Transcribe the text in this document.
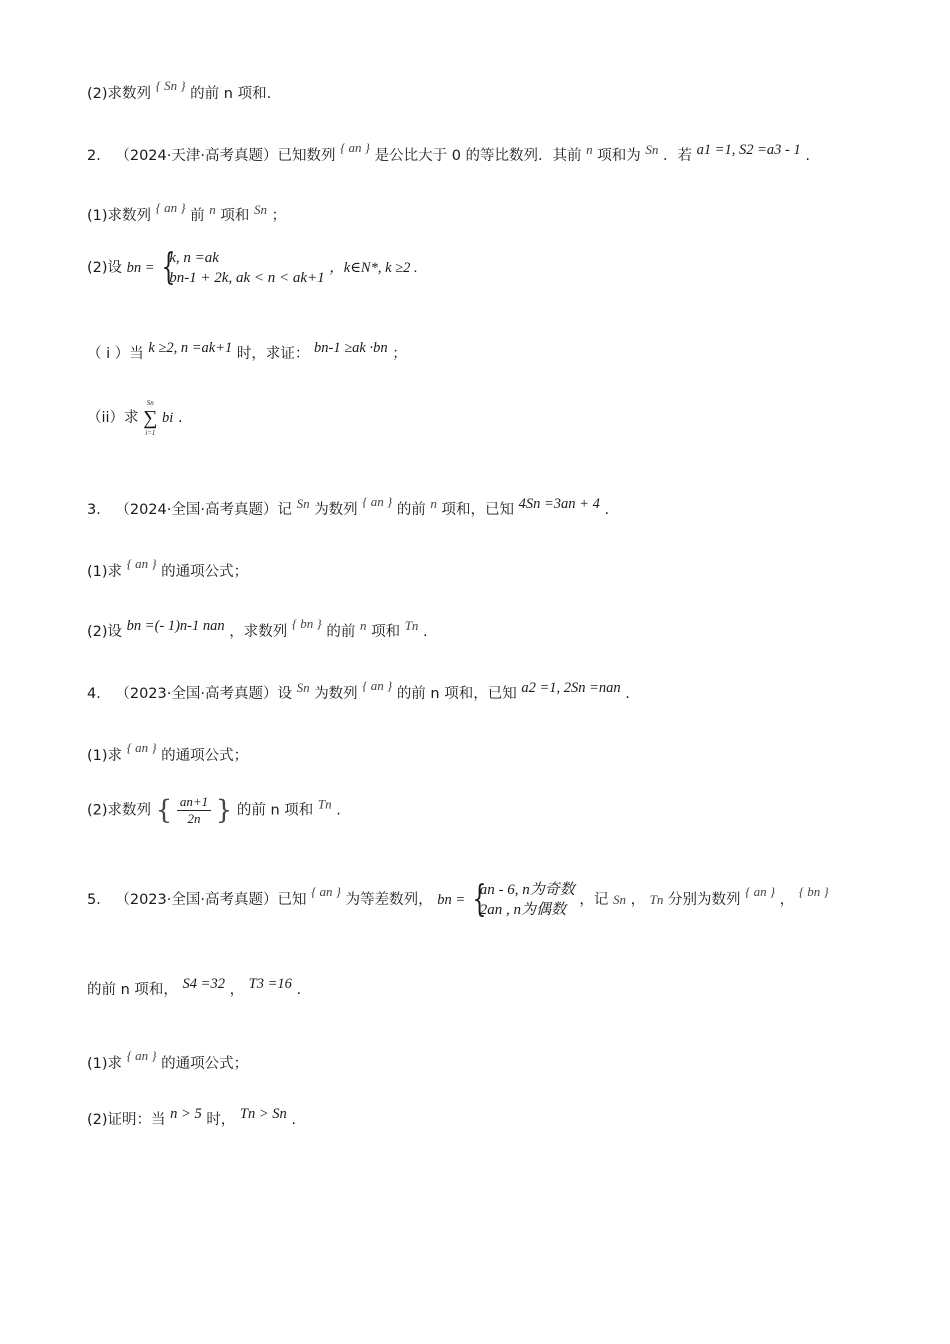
(2)求数列 { Sn } 的前 n 项和.
2． （2024·天津·高考真题）已知数列 { an } 是公比大于 0 的等比数列．其前 n 项和为 Sn ．若 a1 =1, S2 =a3 - 1 .
(1)求数列 { an } 前 n 项和 Sn ；
(2)设 bn =
{ k, n =ak
bn-1 + 2k, ak < n < ak+1
，k∈N*, k ≥2 .
（ i ）当 k ≥2, n =ak+1 时，求证： bn-1 ≥ak ·bn ；
（ii）求
Sn
∑
i=1
bi .
3． （2024·全国·高考真题）记 Sn 为数列 { an } 的前 n 项和，已知 4Sn =3an + 4 .
(1)求 { an } 的通项公式；
(2)设 bn =(- 1)n-1 nan ，求数列 { bn } 的前 n 项和 Tn .
4． （2023·全国·高考真题）设 Sn 为数列 { an } 的前 n 项和，已知 a2 =1, 2Sn =nan .
(1)求 { an } 的通项公式；
(2)求数列 { $\frac{an+1}{2n}$ } 的前 n 项和 Tn .
5． （2023·全国·高考真题）已知 { an } 为等差数列， bn =
{ an - 6, n为奇数
2an , n为偶数
，记 Sn ， Tn 分别为数列 { an } ， { bn }
的前 n 项和， S4 =32 ， T3 =16 .
(1)求 { an } 的通项公式；
(2)证明：当 n > 5 时， Tn > Sn .
